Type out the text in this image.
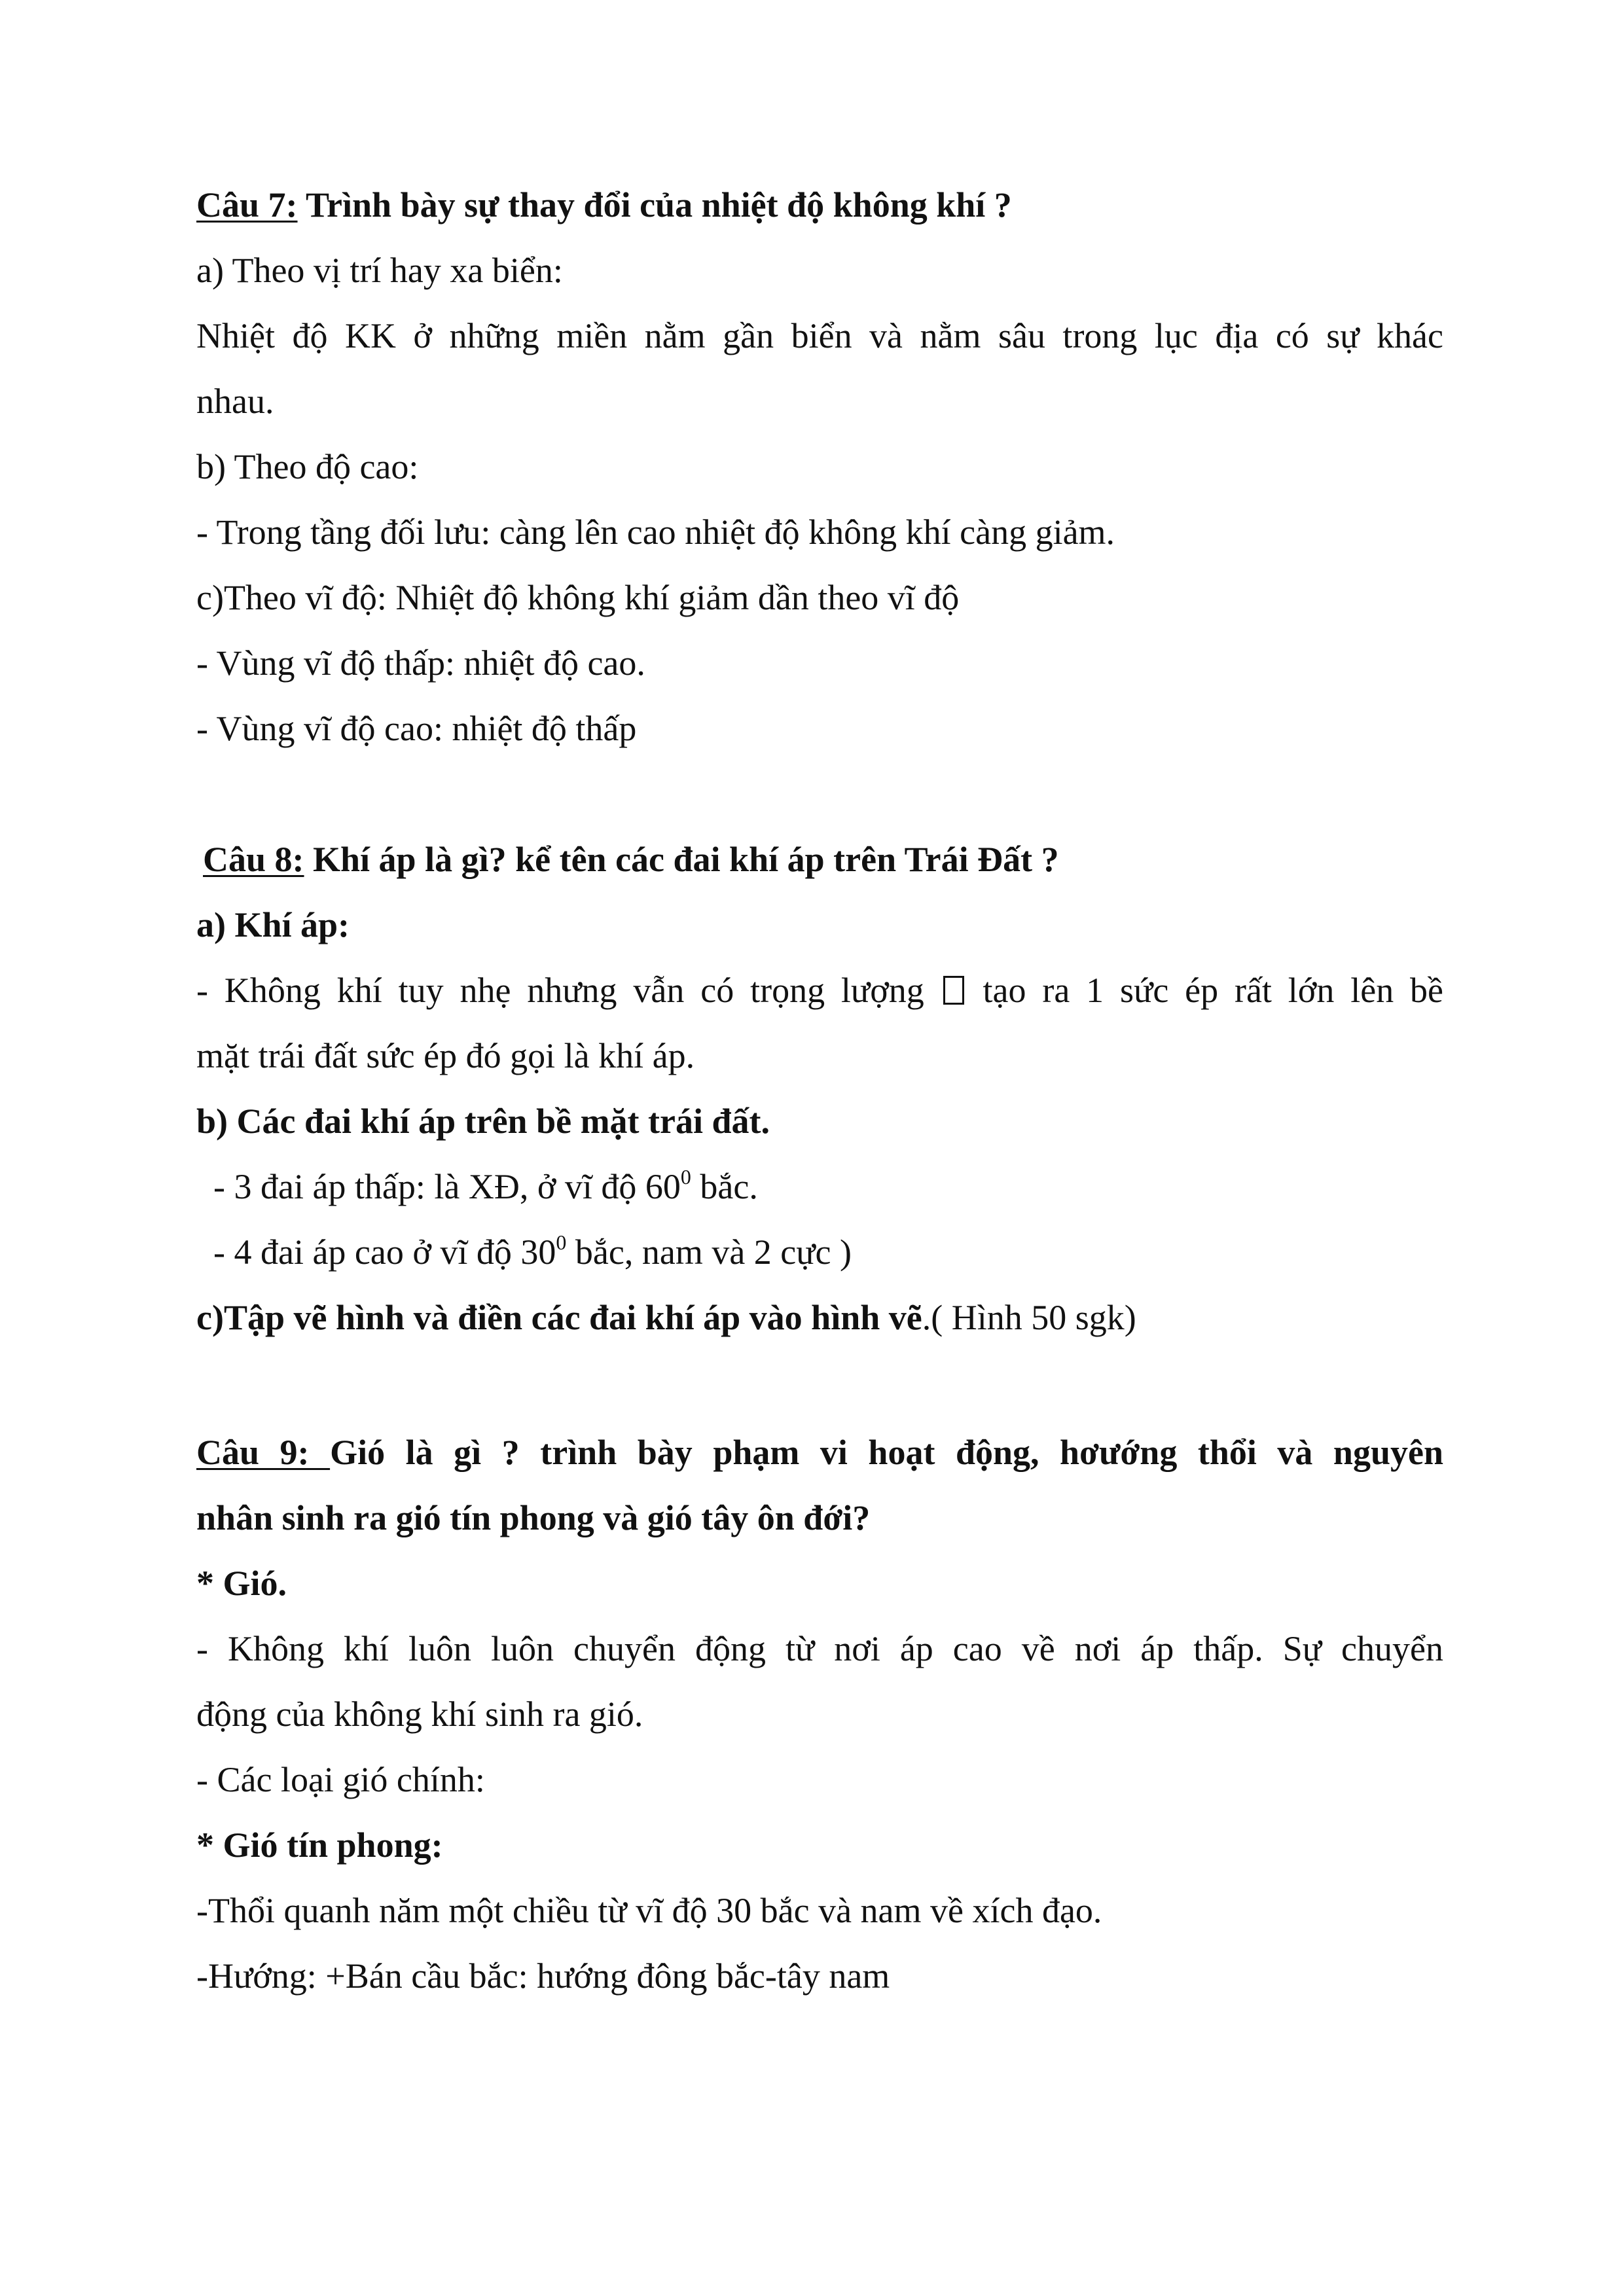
Câu 7: Trình bày sự thay đổi của nhiệt độ không khí ?
a) Theo vị trí hay xa biển:
Nhiệt độ KK ở những miền nằm gần biển và nằm sâu trong lục địa có sự khác
nhau.
b) Theo độ cao:
- Trong tầng đối lưu: càng lên cao nhiệt độ không khí càng giảm.
c)Theo vĩ độ: Nhiệt độ không khí giảm dần theo vĩ độ
- Vùng vĩ độ thấp: nhiệt độ cao.
- Vùng vĩ độ cao: nhiệt độ thấp
Câu 8: Khí áp là gì? kể tên các đai khí áp trên Trái Đất ?
a) Khí áp:
- Không khí tuy nhẹ nhưng vẫn có trọng lượng tạo ra 1 sức ép rất lớn lên bề
mặt trái đất sức ép đó gọi là khí áp.
b) Các đai khí áp trên bề mặt trái đất.
- 3 đai áp thấp: là XĐ, ở vĩ độ $60^0$ bắc.
- 4 đai áp cao ở vĩ độ $30^0$ bắc, nam và 2 cực )
c)Tập vẽ hình và điền các đai khí áp vào hình vẽ.( Hình 50 sgk)
Câu 9: Gió là gì ? trình bày phạm vi hoạt động, hơướng thổi và nguyên
nhân sinh ra gió tín phong và gió tây ôn đới?
* Gió.
- Không khí luôn luôn chuyển động từ nơi áp cao về nơi áp thấp. Sự chuyển
động của không khí sinh ra gió.
- Các loại gió chính:
* Gió tín phong:
-Thổi quanh năm một chiều từ vĩ độ 30 bắc và nam về xích đạo.
-Hướng: +Bán cầu bắc: hướng đông bắc-tây nam
